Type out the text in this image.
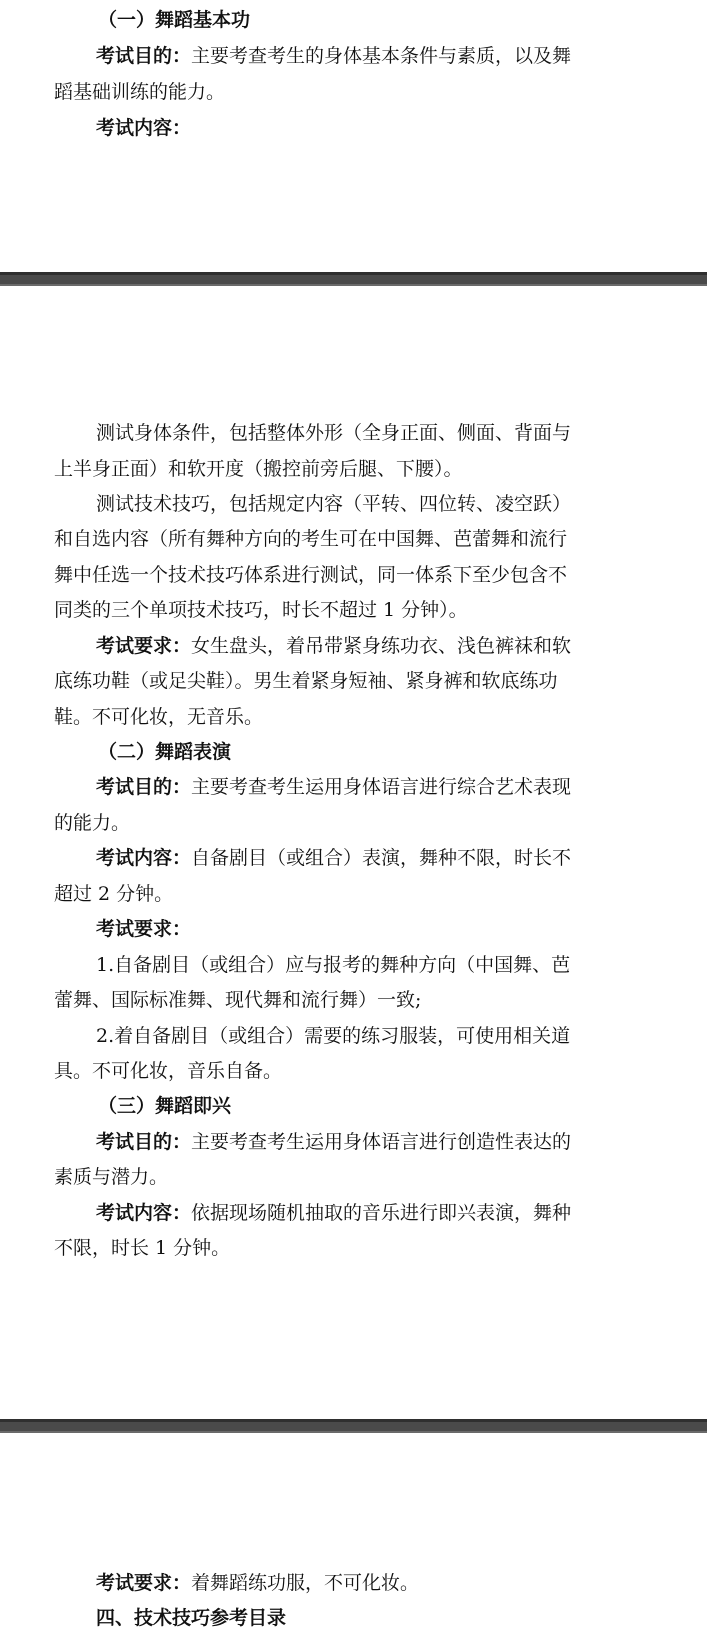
（一）舞蹈基本功
考试目的：主要考查考生的身体基本条件与素质，以及舞
蹈基础训练的能力。
考试内容：
测试身体条件，包括整体外形（全身正面、侧面、背面与
上半身正面）和软开度（搬控前旁后腿、下腰）。
测试技术技巧，包括规定内容（平转、四位转、凌空跃）
和自选内容（所有舞种方向的考生可在中国舞、芭蕾舞和流行
舞中任选一个技术技巧体系进行测试，同一体系下至少包含不
同类的三个单项技术技巧，时长不超过 1 分钟）。
考试要求：女生盘头，着吊带紧身练功衣、浅色裤袜和软
底练功鞋（或足尖鞋）。男生着紧身短袖、紧身裤和软底练功
鞋。不可化妆，无音乐。
（二）舞蹈表演
考试目的：主要考查考生运用身体语言进行综合艺术表现
的能力。
考试内容：自备剧目（或组合）表演，舞种不限，时长不
超过 2 分钟。
考试要求：
1.自备剧目（或组合）应与报考的舞种方向（中国舞、芭
蕾舞、国际标准舞、现代舞和流行舞）一致;
2.着自备剧目（或组合）需要的练习服装，可使用相关道
具。不可化妆，音乐自备。
（三）舞蹈即兴
考试目的：主要考查考生运用身体语言进行创造性表达的
素质与潜力。
考试内容：依据现场随机抽取的音乐进行即兴表演，舞种
不限，时长 1 分钟。
考试要求：着舞蹈练功服，不可化妆。
四、技术技巧参考目录
